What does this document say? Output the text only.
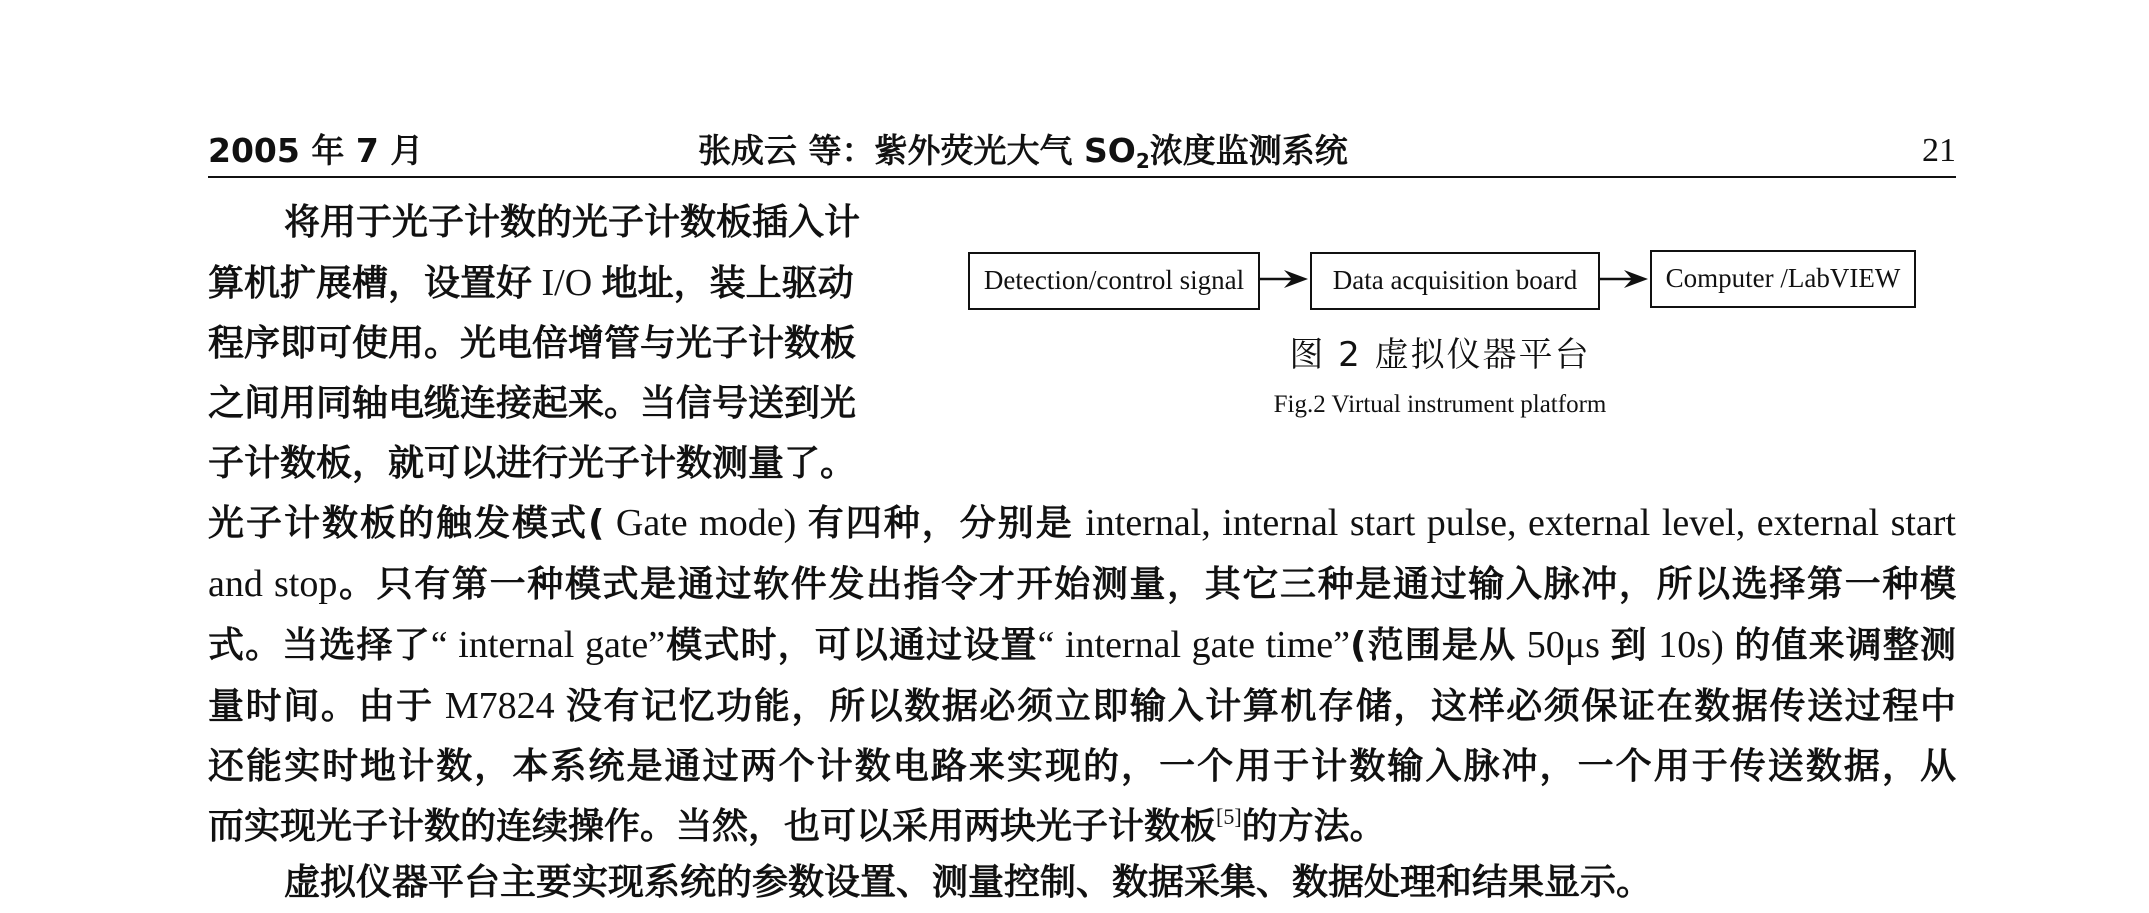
2005 年 7 月	张成云 等：紫外荧光大气 $SO_2$浓度监测系统	21
将用于光子计数的光子计数板插入计
算机扩展槽，设置好 I/O 地址，装上驱动
程序即可使用。光电倍增管与光子计数板
之间用同轴电缆连接起来。当信号送到光
子计数板，就可以进行光子计数测量了。
Detection/control signal	Data acquisition board	Computer /LabVIEW
图 2 虚拟仪器平台
Fig.2 Virtual instrument platform
光子计数板的触发模式( Gate mode) 有四种，分别是 internal, internal start pulse, external level, external start
and stop。只有第一种模式是通过软件发出指令才开始测量，其它三种是通过输入脉冲，所以选择第一种模
式。当选择了“ internal gate”模式时，可以通过设置“ internal gate time”(范围是从 50μs 到 10s) 的值来调整测
量时间。由于 M7824 没有记忆功能，所以数据必须立即输入计算机存储，这样必须保证在数据传送过程中
还能实时地计数，本系统是通过两个计数电路来实现的，一个用于计数输入脉冲，一个用于传送数据，从
而实现光子计数的连续操作。当然，也可以采用两块光子计数板[5]的方法。
虚拟仪器平台主要实现系统的参数设置、测量控制、数据采集、数据处理和结果显示。
